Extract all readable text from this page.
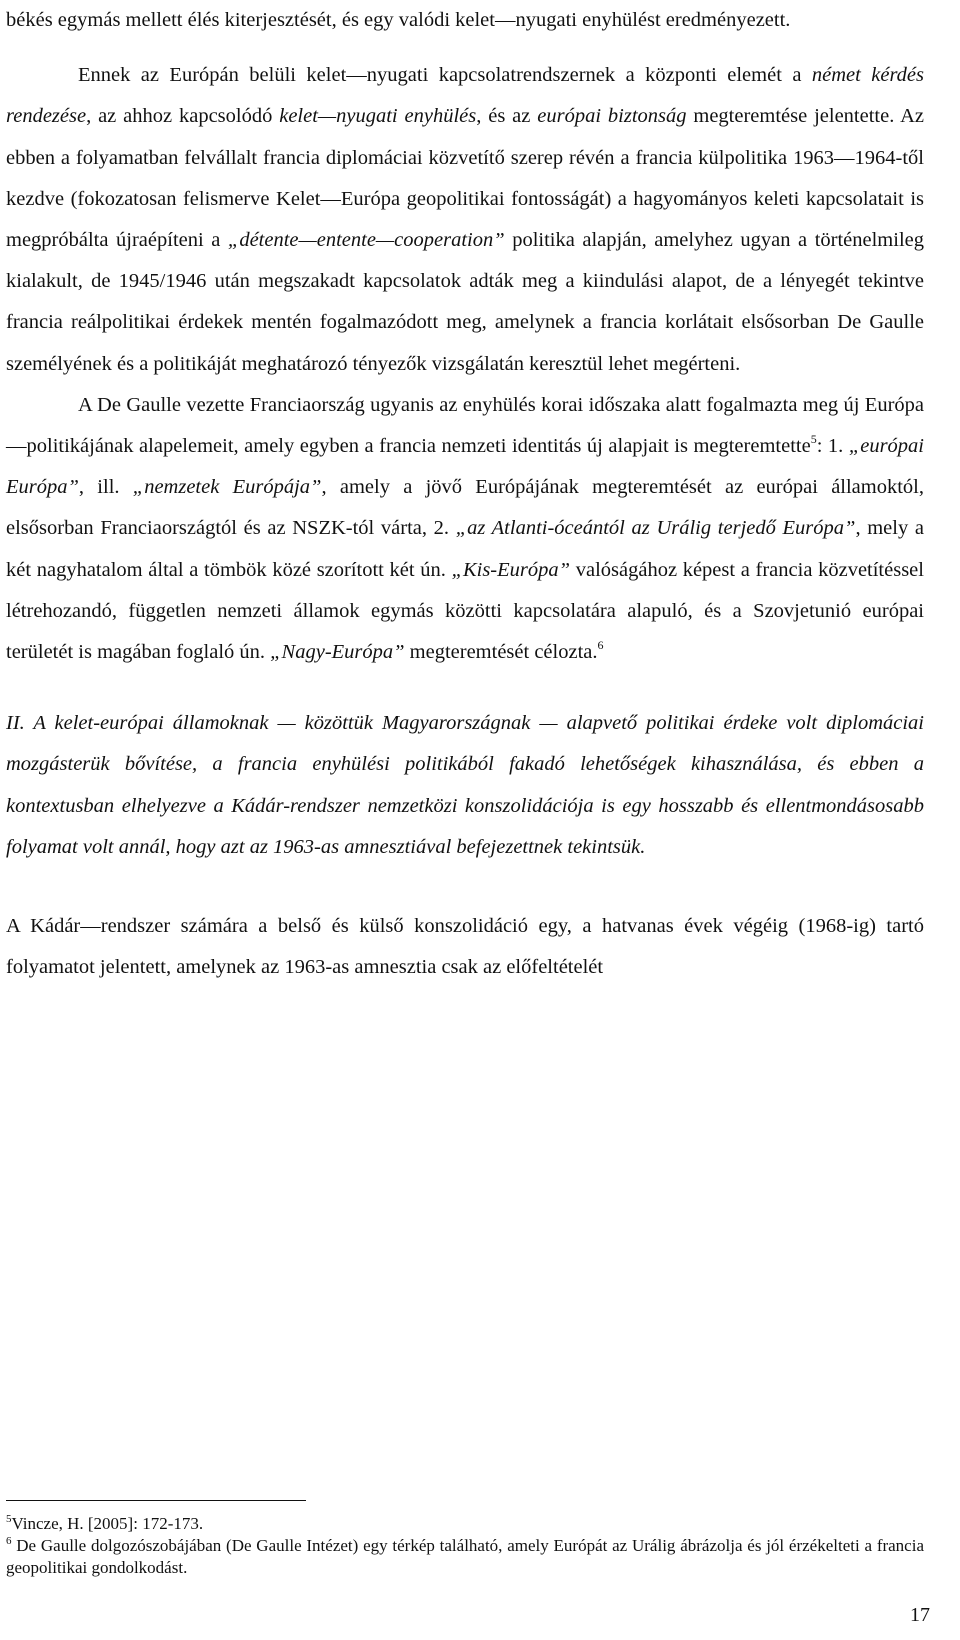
békés egymás mellett élés kiterjesztését, és egy valódi kelet—nyugati enyhülést eredményezett.

Ennek az Európán belüli kelet—nyugati kapcsolatrendszernek a központi elemét a német kérdés rendezése, az ahhoz kapcsolódó kelet—nyugati enyhülés, és az európai biztonság megteremtése jelentette. Az ebben a folyamatban felvállalt francia diplomáciai közvetítő szerep révén a francia külpolitika 1963—1964-től kezdve (fokozatosan felismerve Kelet—Európa geopolitikai fontosságát) a hagyományos keleti kapcsolatait is megpróbálta újraépíteni a „détente—entente—cooperation” politika alapján, amelyhez ugyan a történelmileg kialakult, de 1945/1946 után megszakadt kapcsolatok adták meg a kiindulási alapot, de a lényegét tekintve francia reálpolitikai érdekek mentén fogalmazódott meg, amelynek a francia korlátait elsősorban De Gaulle személyének és a politikáját meghatározó tényezők vizsgálatán keresztül lehet megérteni.

A De Gaulle vezette Franciaország ugyanis az enyhülés korai időszaka alatt fogalmazta meg új Európa—politikájának alapelemeit, amely egyben a francia nemzeti identitás új alapjait is megteremtette$^5$: 1. „európai Európa”, ill. „nemzetek Európája”, amely a jövő Európájának megteremtését az európai államoktól, elsősorban Franciaországtól és az NSZK-tól várta, 2. „az Atlanti-óceántól az Urálig terjedő Európa”, mely a két nagyhatalom által a tömbök közé szorított két ún. „Kis-Európa” valóságához képest a francia közvetítéssel létrehozandó, független nemzeti államok egymás közötti kapcsolatára alapuló, és a Szovjetunió európai területét is magában foglaló ún. „Nagy-Európa” megteremtését célozta.$^6$

II. A kelet-európai államoknak — közöttük Magyarországnak — alapvető politikai érdeke volt diplomáciai mozgásterük bővítése, a francia enyhülési politikából fakadó lehetőségek kihasználása, és ebben a kontextusban elhelyezve a Kádár-rendszer nemzetközi konszolidációja is egy hosszabb és ellentmondásosabb folyamat volt annál, hogy azt az 1963-as amnesztiával befejezettnek tekintsük.

A Kádár—rendszer számára a belső és külső konszolidáció egy, a hatvanas évek végéig (1968-ig) tartó folyamatot jelentett, amelynek az 1963-as amnesztia csak az előfeltételét

$^5$Vincze, H. [2005]: 172-173.

$^6$ De Gaulle dolgozószobájában (De Gaulle Intézet) egy térkép található, amely Európát az Urálig ábrázolja és jól érzékelteti a francia geopolitikai gondolkodást.

17
